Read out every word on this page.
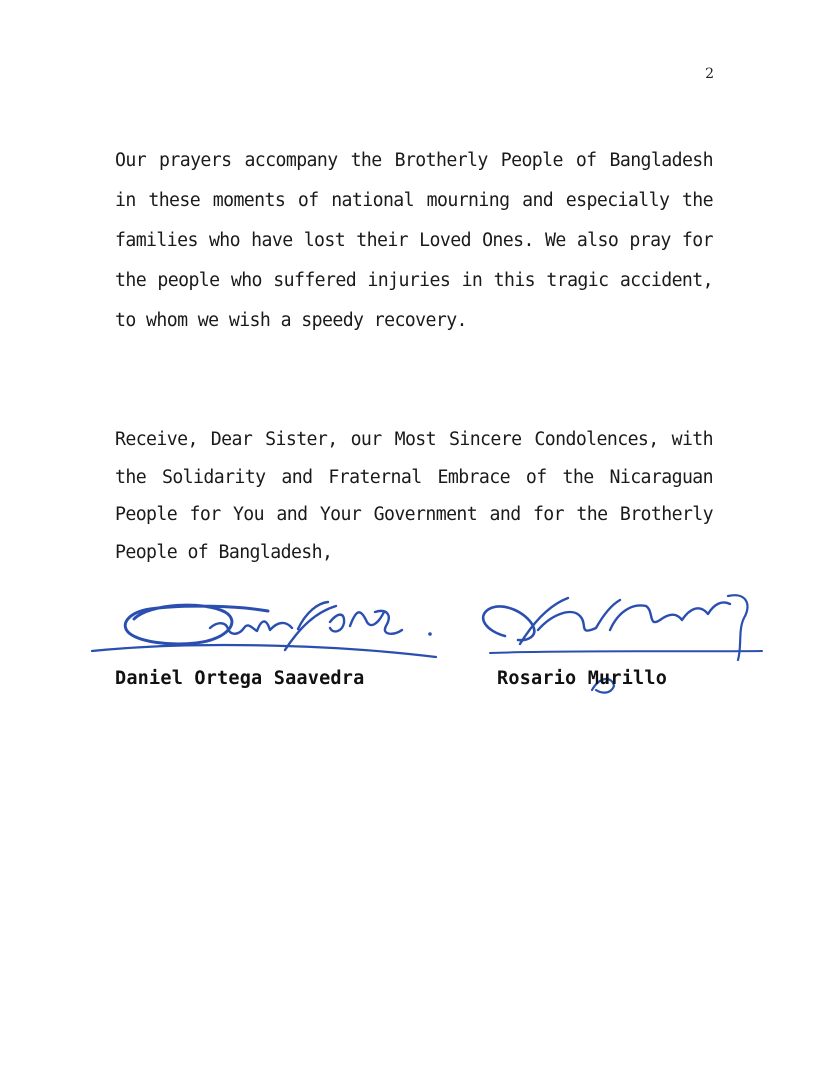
2

Our prayers accompany the Brotherly People of Bangladesh in these moments of national mourning and especially the families who have lost their Loved Ones. We also pray for the people who suffered injuries in this tragic accident, to whom we wish a speedy recovery.

Receive, Dear Sister, our Most Sincere Condolences, with the Solidarity and Fraternal Embrace of the Nicaraguan People for You and Your Government and for the Brotherly People of Bangladesh,

Daniel Ortega Saavedra	Rosario Murillo
